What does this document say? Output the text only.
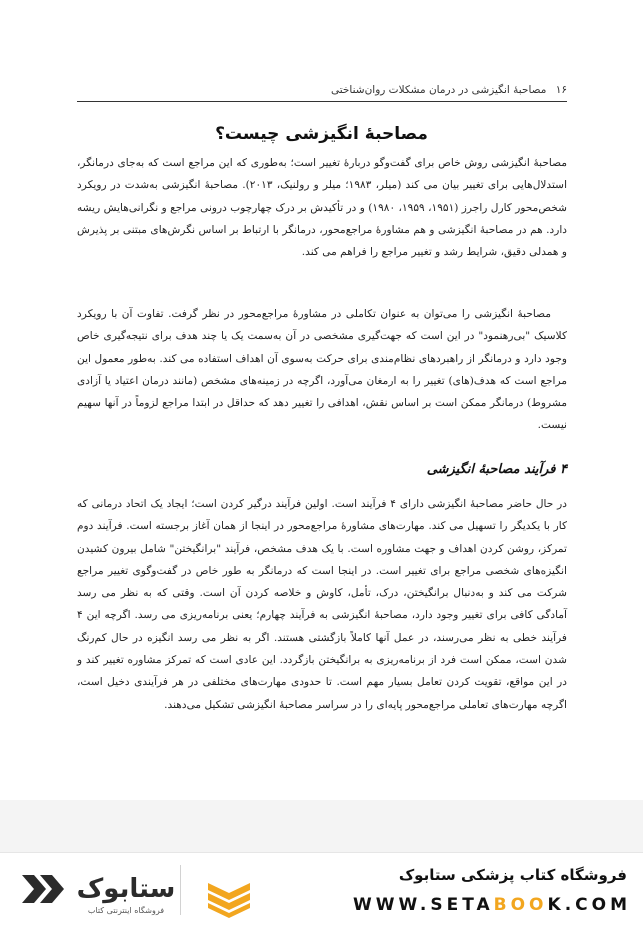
۱۶ مصاحبهٔ انگیزشی در درمان مشکلات روان‌شناختی
مصاحبهٔ انگیزشی چیست؟

مصاحبهٔ انگیزشی روش خاص برای گفت‌وگو دربارهٔ تغییر است؛ به‌طوری که این مراجع است که به‌جای درمانگر، استدلال‌هایی برای تغییر بیان می کند (میلر، ۱۹۸۳؛ میلر و رولنیک، ۲۰۱۳). مصاحبهٔ انگیزشی به‌شدت در رویکرد شخص‌محور کارل راجرز (۱۹۵۱، ۱۹۵۹، ۱۹۸۰) و در تأکیدش بر درک چهارچوب درونی مراجع و نگرانی‌هایش ریشه دارد. هم در مصاحبهٔ انگیزشی و هم مشاورهٔ مراجع‌محور، درمانگر با ارتباط بر اساس نگرش‌های مبتنی بر پذیرش و همدلی دقیق، شرایط رشد و تغییر مراجع را فراهم می کند.

مصاحبهٔ انگیزشی را می‌توان به عنوان تکاملی در مشاورهٔ مراجع‌محور در نظر گرفت. تفاوت آن با رویکرد کلاسیک "بی‌رهنمود" در این است که جهت‌گیری مشخصی در آن به‌سمت یک یا چند هدف برای نتیجه‌گیری خاص وجود دارد و درمانگر از راهبردهای نظام‌مندی برای حرکت به‌سوی آن اهداف استفاده می کند. به‌طور معمول این مراجع است که هدف(های) تغییر را به ارمغان می‌آورد، اگرچه در زمینه‌های مشخص (مانند درمان اعتیاد یا آزادی مشروط) درمانگر ممکن است بر اساس نقش، اهدافی را تغییر دهد که حداقل در ابتدا مراجع لزوماً در آنها سهیم نیست.

۴ فرآیند مصاحبهٔ انگیزشی

در حال حاضر مصاحبهٔ انگیزشی دارای ۴ فرآیند است. اولین فرآیند درگیر کردن است؛ ایجاد یک اتحاد درمانی که کار با یکدیگر را تسهیل می کند. مهارت‌های مشاورهٔ مراجع‌محور در اینجا از همان آغاز برجسته است. فرآیند دوم تمرکز، روشن کردن اهداف و جهت مشاوره است. با یک هدف مشخص، فرآیند "برانگیختن" شامل بیرون کشیدن انگیزه‌های شخصی مراجع برای تغییر است. در اینجا است که درمانگر به طور خاص در گفت‌وگوی تغییر مراجع شرکت می کند و به‌دنبال برانگیختن، درک، تأمل، کاوش و خلاصه کردن آن است. وقتی که به نظر می رسد آمادگی کافی برای تغییر وجود دارد، مصاحبهٔ انگیزشی به فرآیند چهارم؛ یعنی برنامه‌ریزی می رسد. اگرچه این ۴ فرآیند خطی به نظر می‌رسند، در عمل آنها کاملاً بازگشتی هستند. اگر به نظر می رسد انگیزه در حال کم‌رنگ شدن است، ممکن است فرد از برنامه‌ریزی به برانگیختن بازگردد. این عادی است که تمرکز مشاوره تغییر کند و در این مواقع، تقویت کردن تعامل بسیار مهم است. تا حدودی مهارت‌های مختلفی در هر فرآیندی دخیل است، اگرچه مهارت‌های تعاملی مراجع‌محور پایه‌ای را در سراسر مصاحبهٔ انگیزشی تشکیل می‌دهند.

ستابوک
فروشگاه اینترنتی کتاب
فروشگاه کتاب پزشکی ستابوک
WWW.SETABOOK.COM
